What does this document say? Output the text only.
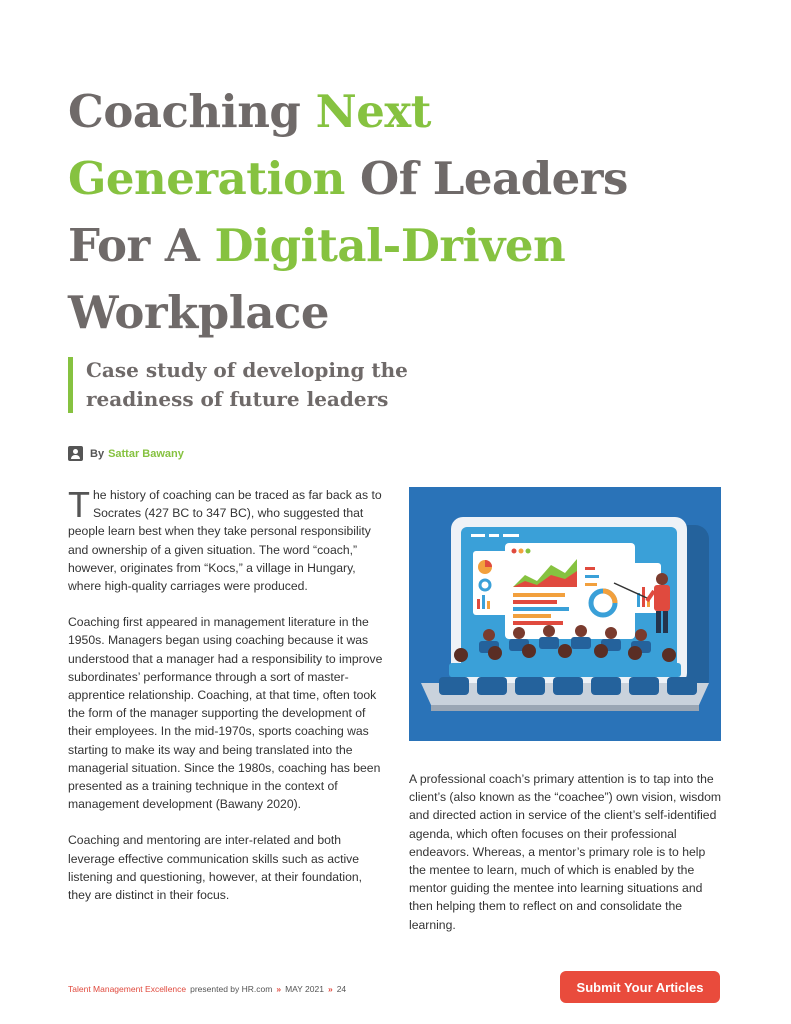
Coaching Next
Generation Of Leaders
For A Digital-Driven
Workplace
Case study of developing the readiness of future leaders
By Sattar Bawany

The history of coaching can be traced as far back as to Socrates (427 BC to 347 BC), who suggested that people learn best when they take personal responsibility and ownership of a given situation. The word “coach,” however, originates from “Kocs,” a village in Hungary, where high-quality carriages were produced.

Coaching first appeared in management literature in the 1950s. Managers began using coaching because it was understood that a manager had a responsibility to improve subordinates’ performance through a sort of master-apprentice relationship. Coaching, at that time, often took the form of the manager supporting the development of their employees. In the mid-1970s, sports coaching was starting to make its way and being translated into the managerial situation. Since the 1980s, coaching has been presented as a training technique in the context of management development (Bawany 2020).

Coaching and mentoring are inter-related and both leverage effective communication skills such as active listening and questioning, however, at their foundation, they are distinct in their focus.

A professional coach’s primary attention is to tap into the client’s (also known as the “coachee”) own vision, wisdom and directed action in service of the client’s self-identified agenda, which often focuses on their professional endeavors. Whereas, a mentor’s primary role is to help the mentee to learn, much of which is enabled by the mentor guiding the mentee into learning situations and then helping them to reflect on and consolidate the learning.

Talent Management Excellence presented by HR.com » MAY 2021 » 24	Submit Your Articles
